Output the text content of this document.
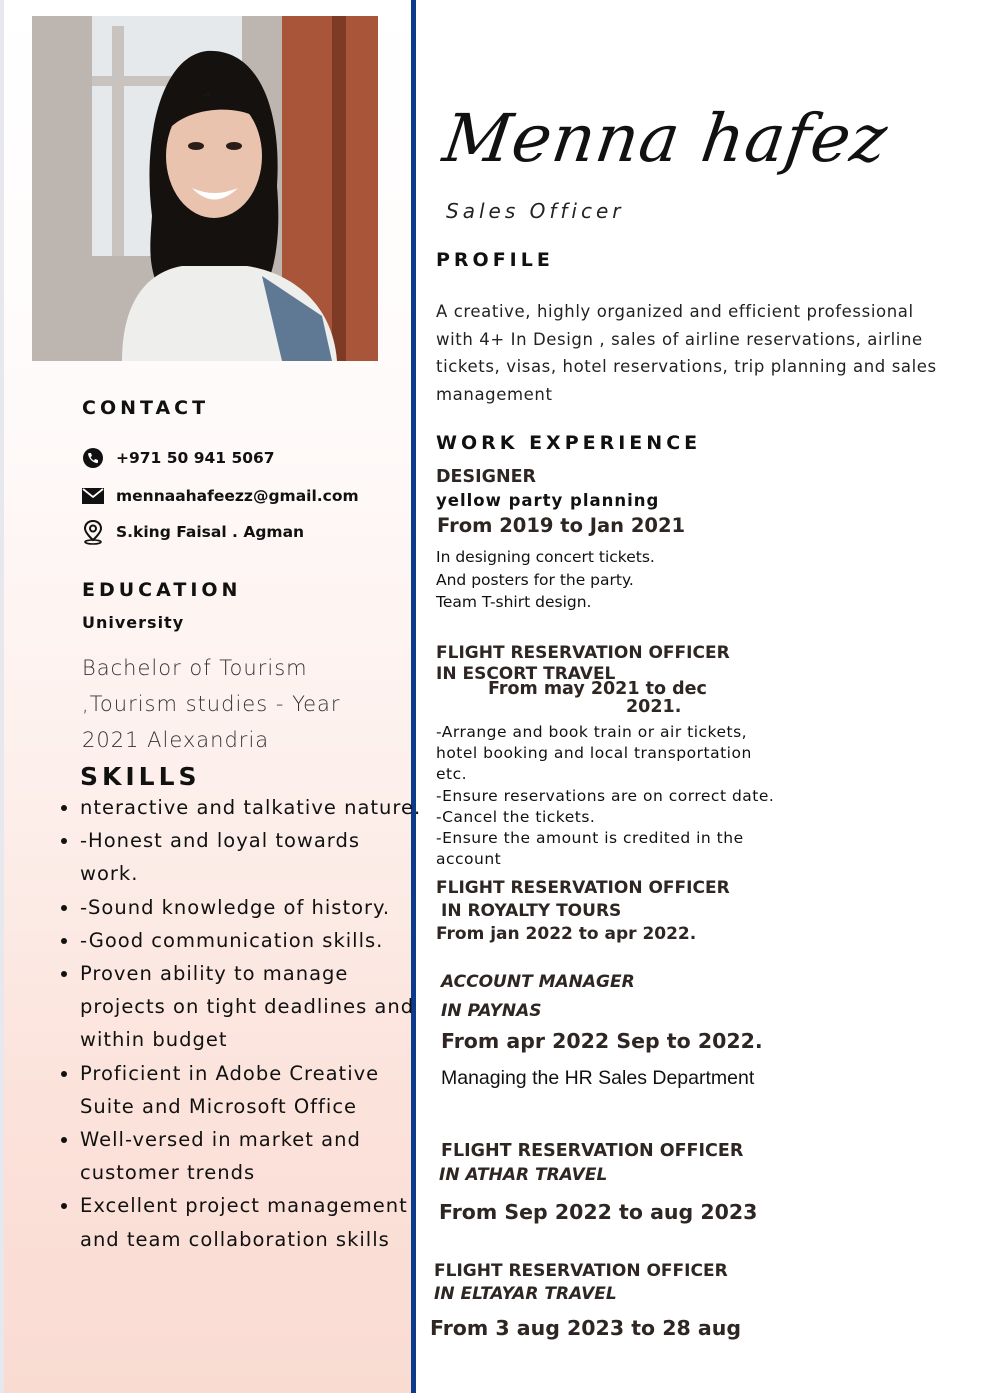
Menna hafez
Sales Officer
CONTACT
+971 50 941 5067
mennaahafeezz@gmail.com
S.king Faisal . Agman
EDUCATION
University
Bachelor of Tourism
,Tourism studies - Year
2021 Alexandria
SKILLS
• nteractive and talkative nature.
• -Honest and loyal towards work.
• -Sound knowledge of history.
• -Good communication skills.
• Proven ability to manage projects on tight deadlines and within budget
• Proficient in Adobe Creative Suite and Microsoft Office
• Well-versed in market and customer trends
• Excellent project management and team collaboration skills
PROFILE
A creative, highly organized and efficient professional with 4+ In Design , sales of airline reservations, airline tickets, visas, hotel reservations, trip planning and sales management
WORK EXPERIENCE
DESIGNER
yellow party planning
From 2019 to Jan 2021
In designing concert tickets.
And posters for the party.
Team T-shirt design.
FLIGHT RESERVATION OFFICER
IN ESCORT TRAVEL
From may 2021 to dec
2021.
-Arrange and book train or air tickets,
hotel booking and local transportation
etc.
-Ensure reservations are on correct date.
-Cancel the tickets.
-Ensure the amount is credited in the
account
FLIGHT RESERVATION OFFICER
IN ROYALTY TOURS
From jan 2022 to apr 2022.
ACCOUNT MANAGER
IN PAYNAS
From apr 2022 Sep to 2022.
Managing the HR Sales Department
FLIGHT RESERVATION OFFICER
IN ATHAR TRAVEL
From Sep 2022 to aug 2023
FLIGHT RESERVATION OFFICER
IN ELTAYAR TRAVEL
From 3 aug 2023 to 28 aug
